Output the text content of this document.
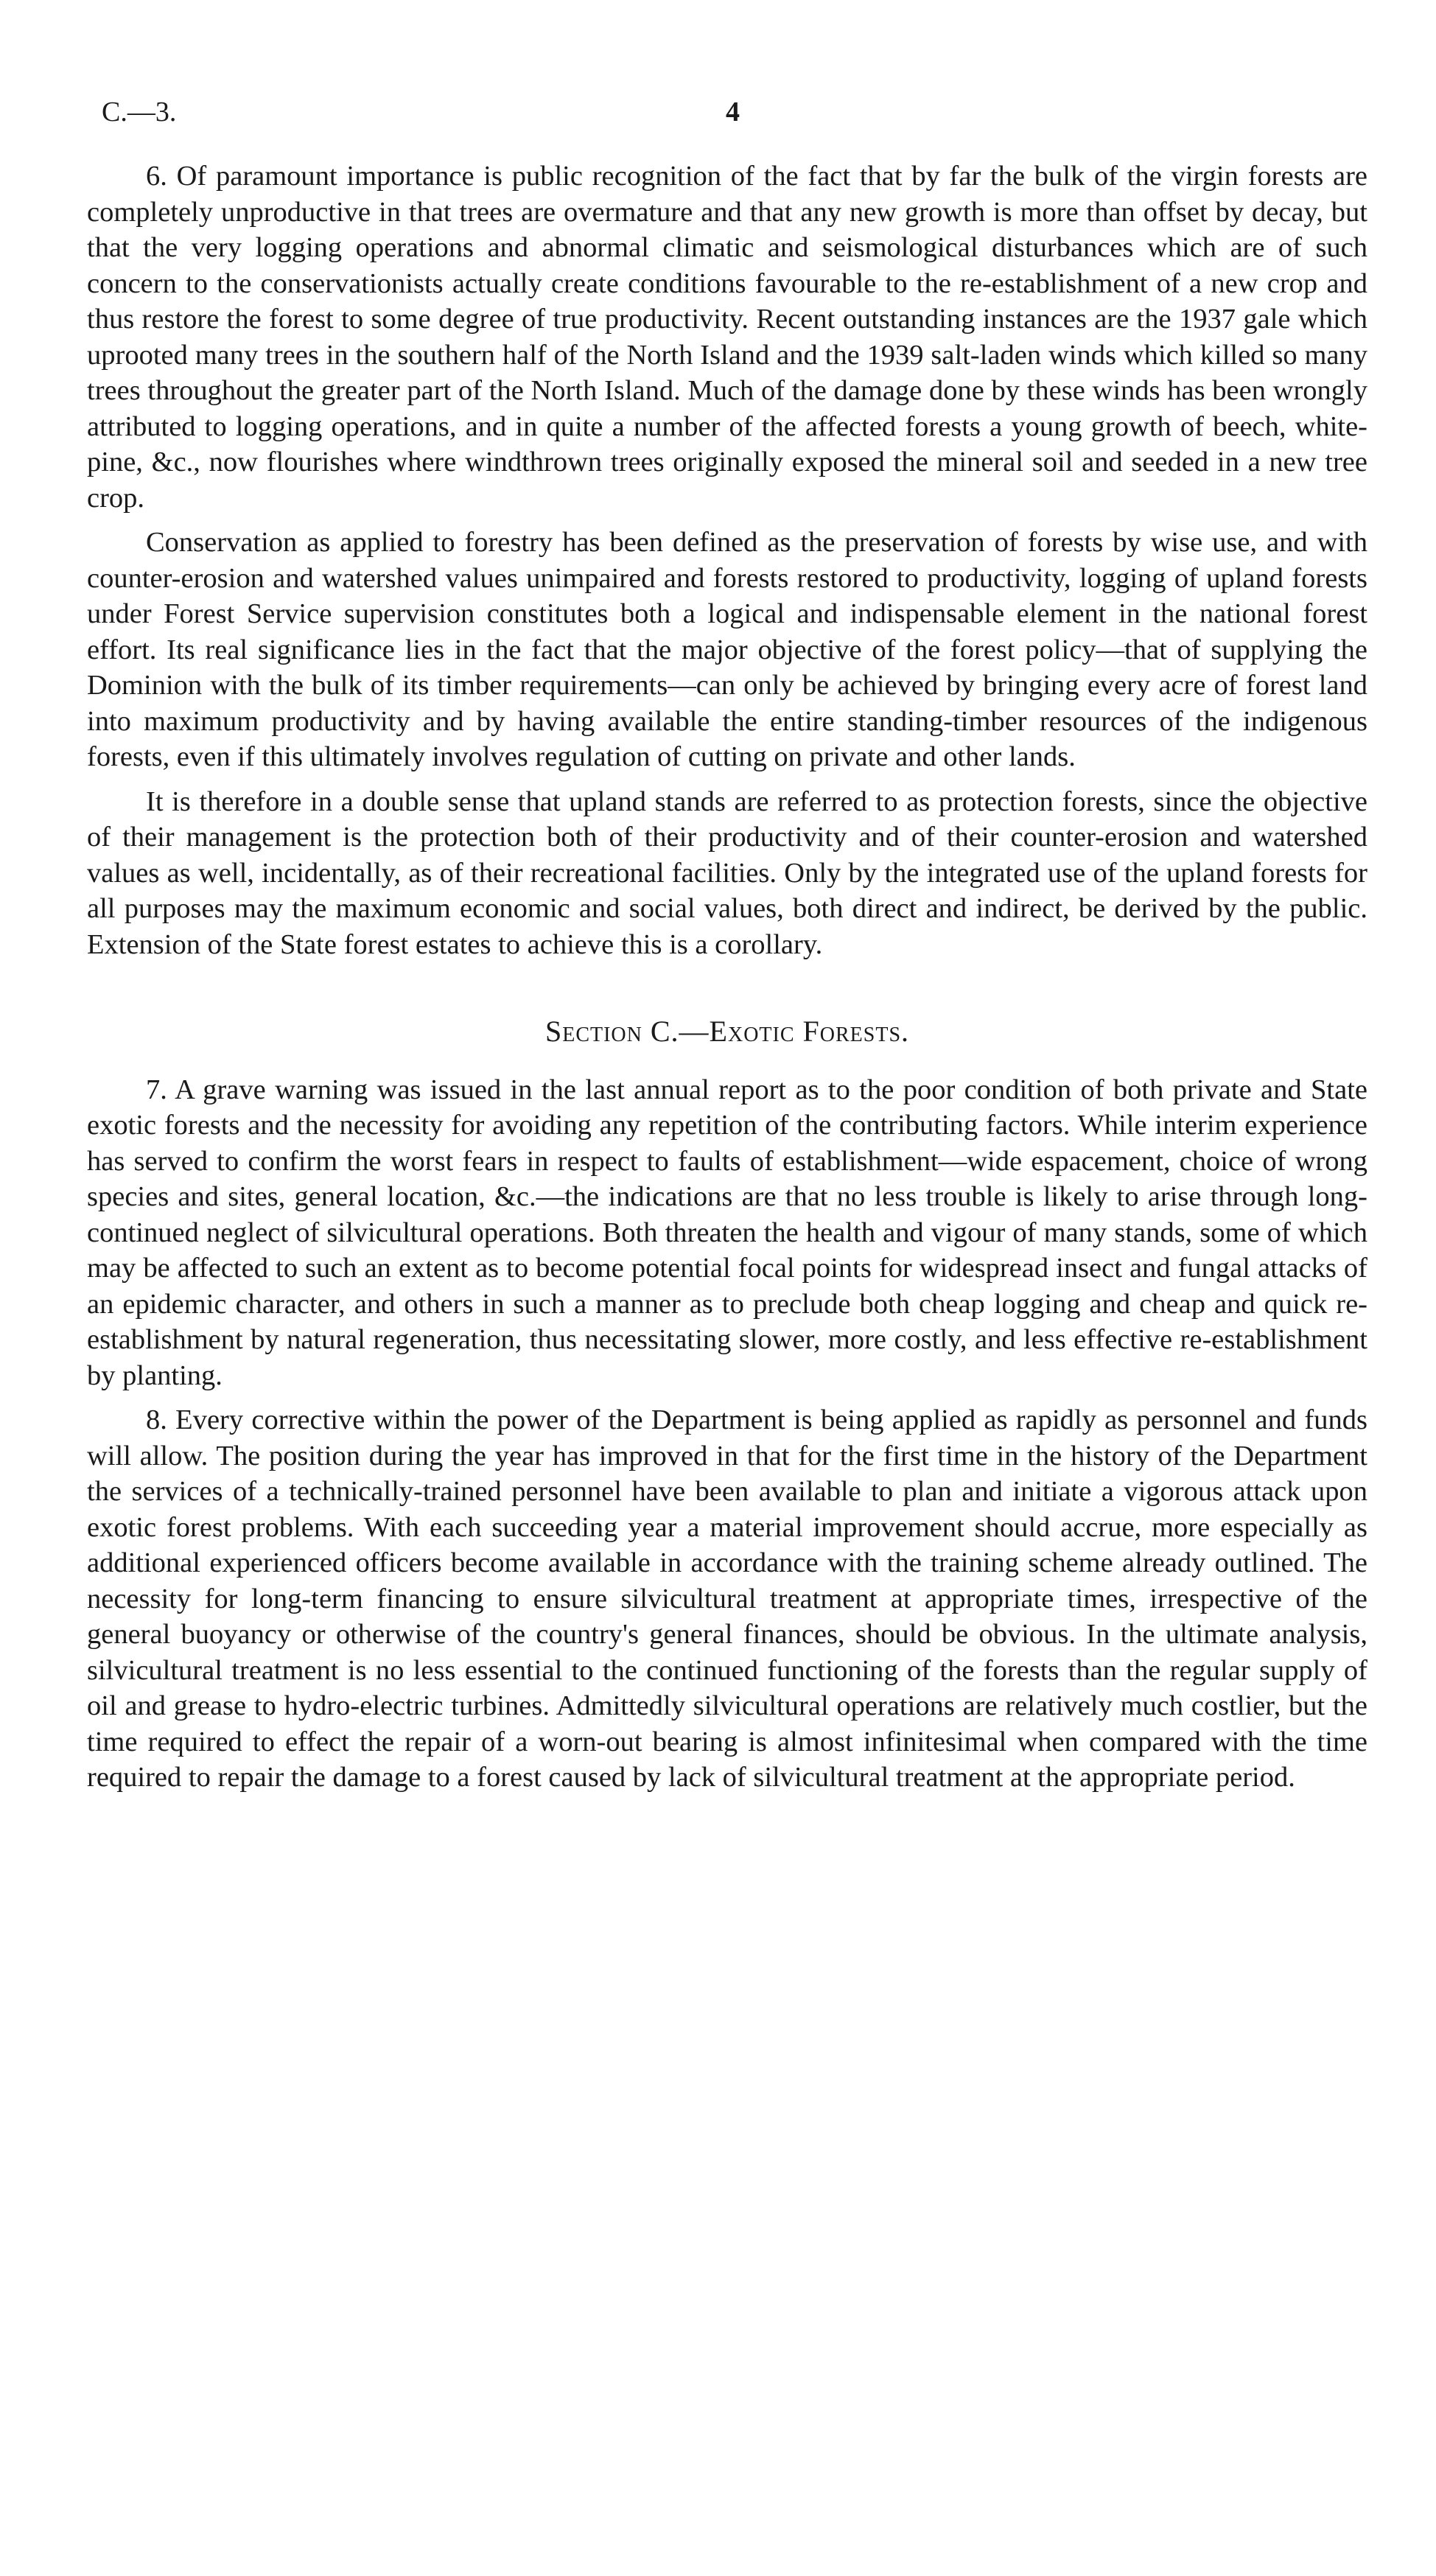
C.—3.	4

6. Of paramount importance is public recognition of the fact that by far the bulk of the virgin forests are completely unproductive in that trees are overmature and that any new growth is more than offset by decay, but that the very logging operations and abnormal climatic and seismological disturbances which are of such concern to the conservationists actually create conditions favourable to the re-establishment of a new crop and thus restore the forest to some degree of true productivity. Recent outstanding instances are the 1937 gale which uprooted many trees in the southern half of the North Island and the 1939 salt-laden winds which killed so many trees throughout the greater part of the North Island. Much of the damage done by these winds has been wrongly attributed to logging operations, and in quite a number of the affected forests a young growth of beech, white-pine, &c., now flourishes where windthrown trees originally exposed the mineral soil and seeded in a new tree crop.

Conservation as applied to forestry has been defined as the preservation of forests by wise use, and with counter-erosion and watershed values unimpaired and forests restored to productivity, logging of upland forests under Forest Service supervision constitutes both a logical and indispensable element in the national forest effort. Its real significance lies in the fact that the major objective of the forest policy—that of supplying the Dominion with the bulk of its timber requirements—can only be achieved by bringing every acre of forest land into maximum productivity and by having available the entire standing-timber resources of the indigenous forests, even if this ultimately involves regulation of cutting on private and other lands.

It is therefore in a double sense that upland stands are referred to as protection forests, since the objective of their management is the protection both of their productivity and of their counter-erosion and watershed values as well, incidentally, as of their recreational facilities. Only by the integrated use of the upland forests for all purposes may the maximum economic and social values, both direct and indirect, be derived by the public. Extension of the State forest estates to achieve this is a corollary.

Section C.—Exotic Forests.

7. A grave warning was issued in the last annual report as to the poor condition of both private and State exotic forests and the necessity for avoiding any repetition of the contributing factors. While interim experience has served to confirm the worst fears in respect to faults of establishment—wide espacement, choice of wrong species and sites, general location, &c.—the indications are that no less trouble is likely to arise through long-continued neglect of silvicultural operations. Both threaten the health and vigour of many stands, some of which may be affected to such an extent as to become potential focal points for widespread insect and fungal attacks of an epidemic character, and others in such a manner as to preclude both cheap logging and cheap and quick re-establishment by natural regeneration, thus necessitating slower, more costly, and less effective re-establishment by planting.

8. Every corrective within the power of the Department is being applied as rapidly as personnel and funds will allow. The position during the year has improved in that for the first time in the history of the Department the services of a technically-trained personnel have been available to plan and initiate a vigorous attack upon exotic forest problems. With each succeeding year a material improvement should accrue, more especially as additional experienced officers become available in accordance with the training scheme already outlined. The necessity for long-term financing to ensure silvicultural treatment at appropriate times, irrespective of the general buoyancy or otherwise of the country's general finances, should be obvious. In the ultimate analysis, silvicultural treatment is no less essential to the continued functioning of the forests than the regular supply of oil and grease to hydro-electric turbines. Admittedly silvicultural operations are relatively much costlier, but the time required to effect the repair of a worn-out bearing is almost infinitesimal when compared with the time required to repair the damage to a forest caused by lack of silvicultural treatment at the appropriate period.
